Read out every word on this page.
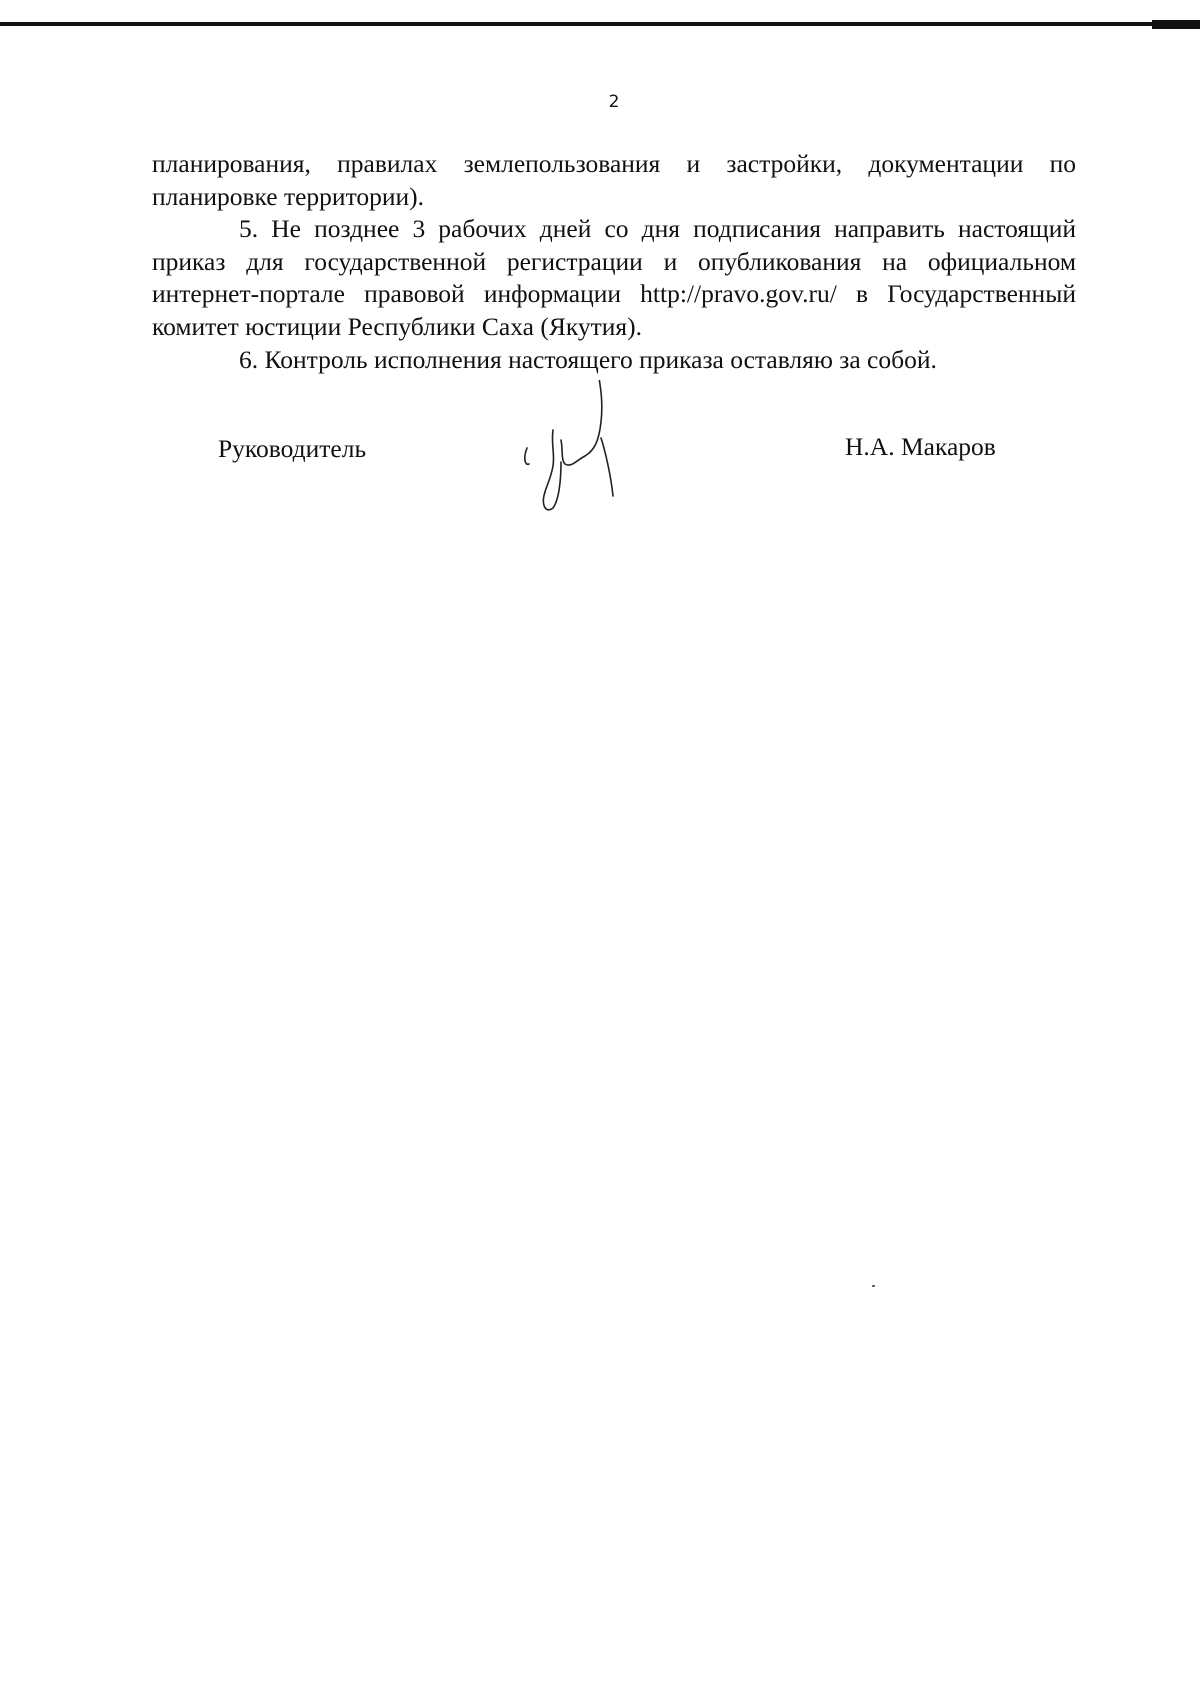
2

планирования, правилах землепользования и застройки, документации по планировке территории).

5. Не позднее 3 рабочих дней со дня подписания направить настоящий приказ для государственной регистрации и опубликования на официальном интернет-портале правовой информации http://pravo.gov.ru/ в Государственный комитет юстиции Республики Саха (Якутия).

6. Контроль исполнения настоящего приказа оставляю за собой.

Руководитель	Н.А. Макаров
